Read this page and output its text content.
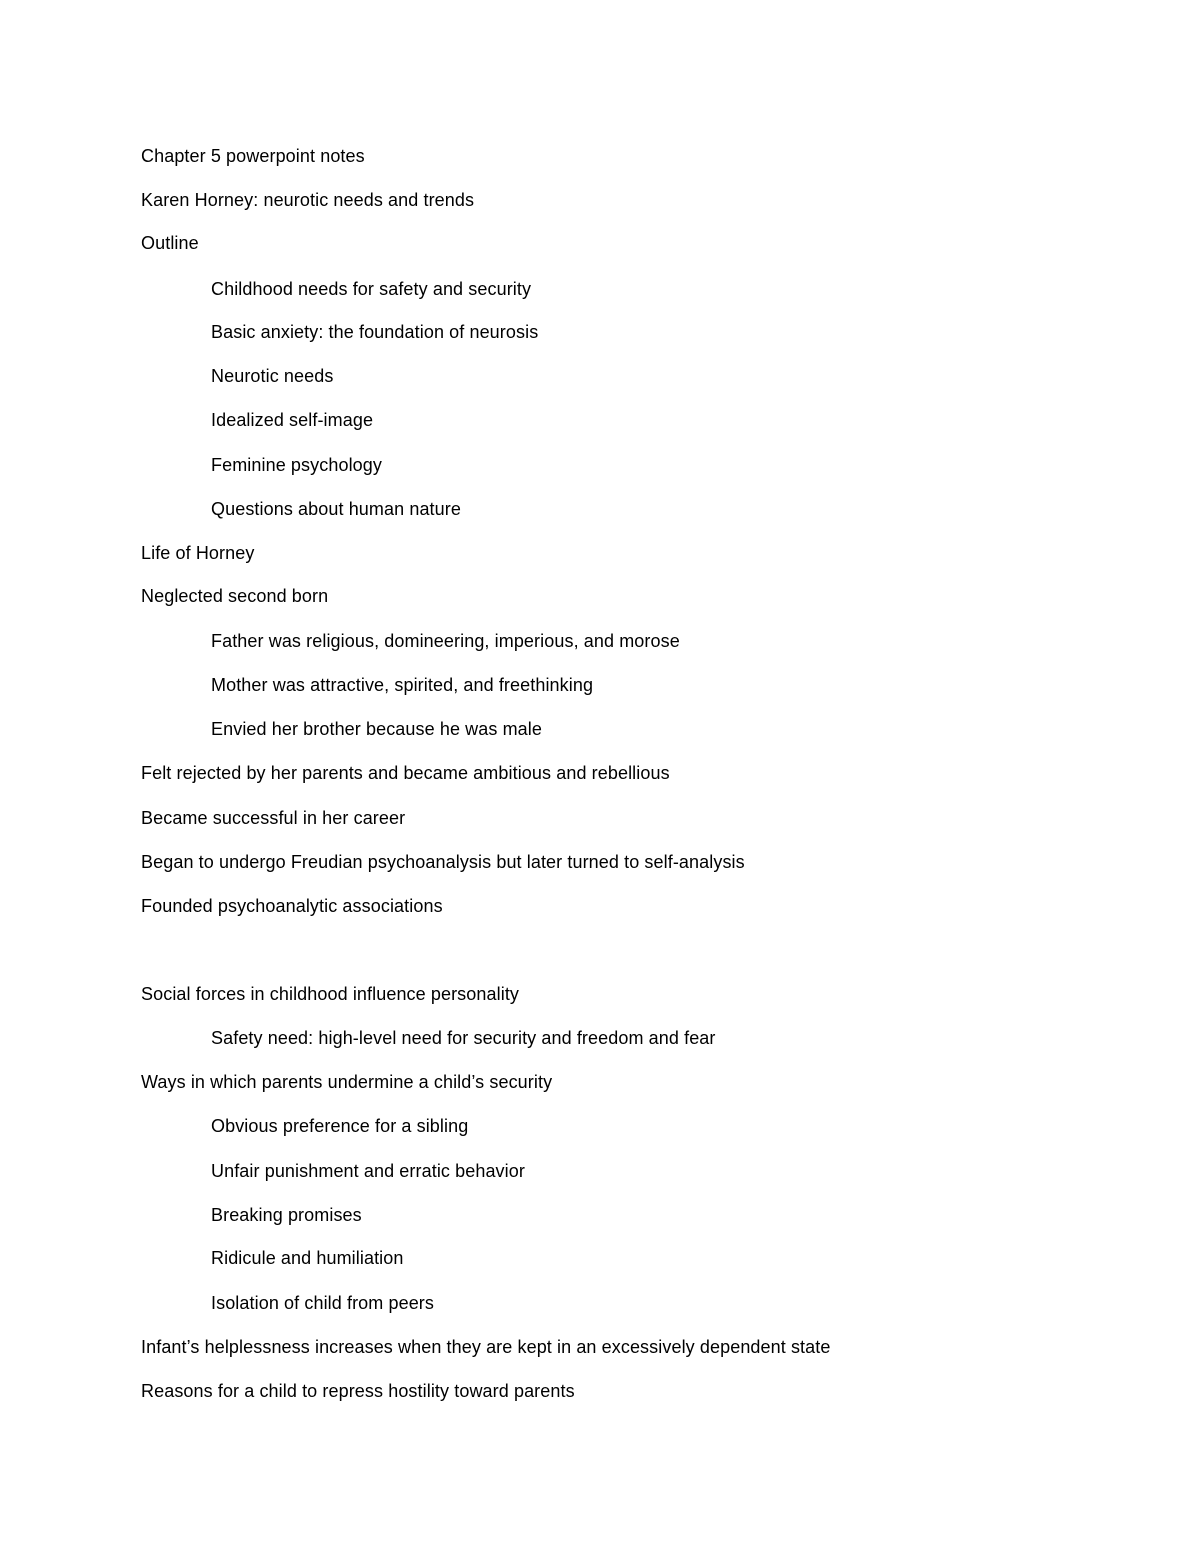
Chapter 5 powerpoint notes
Karen Horney: neurotic needs and trends
Outline
Childhood needs for safety and security
Basic anxiety: the foundation of neurosis
Neurotic needs
Idealized self-image
Feminine psychology
Questions about human nature
Life of Horney
Neglected second born
Father was religious, domineering, imperious, and morose
Mother was attractive, spirited, and freethinking
Envied her brother because he was male
Felt rejected by her parents and became ambitious and rebellious
Became successful in her career
Began to undergo Freudian psychoanalysis but later turned to self-analysis
Founded psychoanalytic associations
Social forces in childhood influence personality
Safety need: high-level need for security and freedom and fear
Ways in which parents undermine a child’s security
Obvious preference for a sibling
Unfair punishment and erratic behavior
Breaking promises
Ridicule and humiliation
Isolation of child from peers
Infant’s helplessness increases when they are kept in an excessively dependent state
Reasons for a child to repress hostility toward parents
